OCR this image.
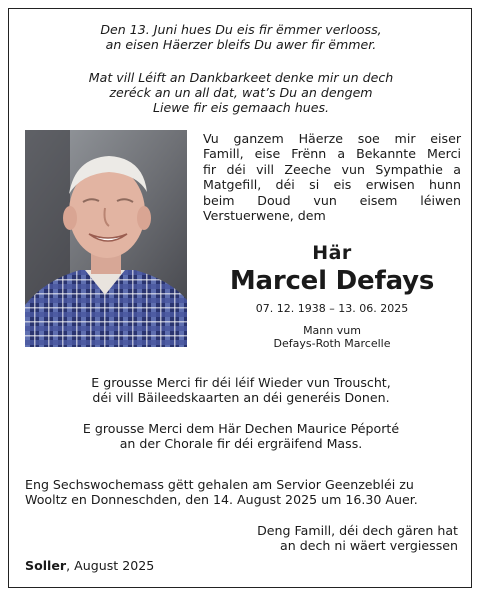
Den 13. Juni hues Du eis fir ëmmer verlooss,
an eisen Häerzer bleifs Du awer fir ëmmer.
Mat vill Léift an Dankbarkeet denke mir un dech
zeréck an un all dat, wat’s Du an dengem
Liewe fir eis gemaach hues.
Vu ganzem Häerze soe mir eiser
Famill, eise Frënn a Bekannte Merci
fir déi vill Zeeche vun Sympathie a
Matgefill, déi si eis erwisen hunn
beim Doud vun eisem léiwen
Verstuerwene, dem
Här
Marcel Defays
07. 12. 1938 – 13. 06. 2025
Mann vum
Defays-Roth Marcelle
E grousse Merci fir déi léif Wieder vun Trouscht,
déi vill Bäileedskaarten an déi generéis Donen.
E grousse Merci dem Här Dechen Maurice Péporté
an der Chorale fir déi ergräifend Mass.
Eng Sechswochemass gëtt gehalen am Servior Geenzebléi zu
Wooltz en Donneschden, den 14. August 2025 um 16.30 Auer.
Deng Famill, déi dech gären hat
an dech ni wäert vergiessen
Soller, August 2025
